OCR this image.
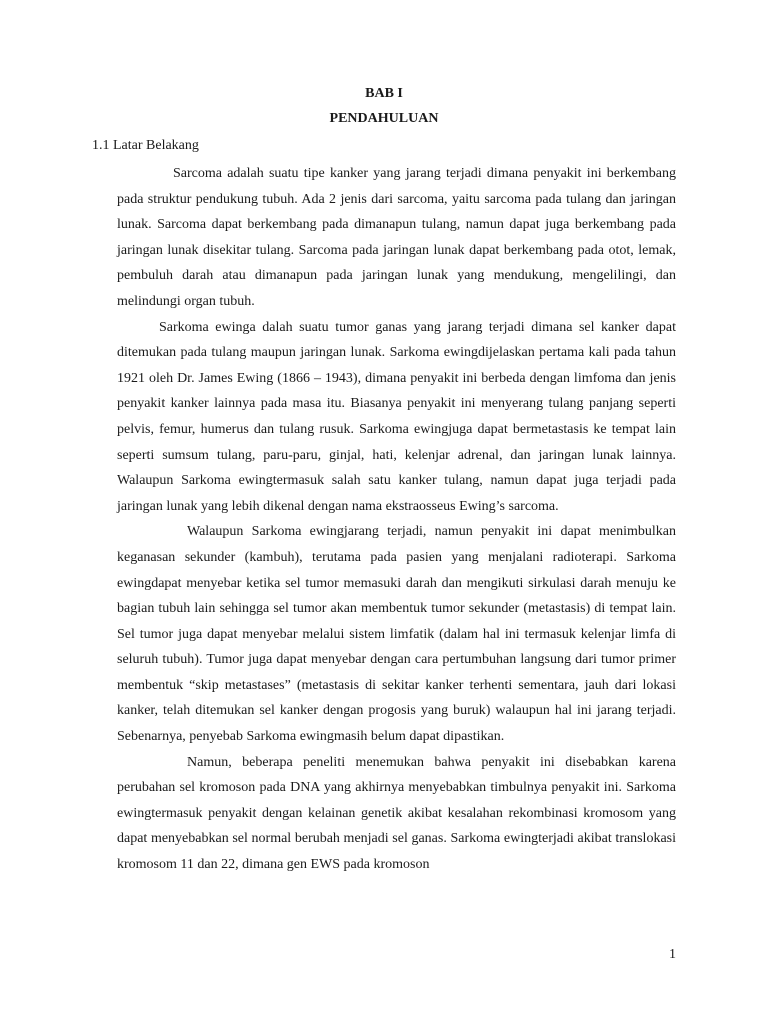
BAB I
PENDAHULUAN
1.1 Latar Belakang

Sarcoma adalah suatu tipe kanker yang jarang terjadi dimana penyakit ini berkembang pada struktur pendukung tubuh. Ada 2 jenis dari sarcoma, yaitu sarcoma pada tulang dan jaringan lunak. Sarcoma dapat berkembang pada dimanapun tulang, namun dapat juga berkembang pada jaringan lunak disekitar tulang. Sarcoma pada jaringan lunak dapat berkembang pada otot, lemak, pembuluh darah atau dimanapun pada jaringan lunak yang mendukung, mengelilingi, dan melindungi organ tubuh.

Sarkoma ewinga dalah suatu tumor ganas yang jarang terjadi dimana sel kanker dapat ditemukan pada tulang maupun jaringan lunak. Sarkoma ewingdijelaskan pertama kali pada tahun 1921 oleh Dr. James Ewing (1866 – 1943), dimana penyakit ini berbeda dengan limfoma dan jenis penyakit kanker lainnya pada masa itu. Biasanya penyakit ini menyerang tulang panjang seperti pelvis, femur, humerus dan tulang rusuk. Sarkoma ewingjuga dapat bermetastasis ke tempat lain seperti sumsum tulang, paru-paru, ginjal, hati, kelenjar adrenal, dan jaringan lunak lainnya. Walaupun Sarkoma ewingtermasuk salah satu kanker tulang, namun dapat juga terjadi pada jaringan lunak yang lebih dikenal dengan nama ekstraosseus Ewing’s sarcoma.

Walaupun Sarkoma ewingjarang terjadi, namun penyakit ini dapat menimbulkan keganasan sekunder (kambuh), terutama pada pasien yang menjalani radioterapi. Sarkoma ewingdapat menyebar ketika sel tumor memasuki darah dan mengikuti sirkulasi darah menuju ke bagian tubuh lain sehingga sel tumor akan membentuk tumor sekunder (metastasis) di tempat lain. Sel tumor juga dapat menyebar melalui sistem limfatik (dalam hal ini termasuk kelenjar limfa di seluruh tubuh). Tumor juga dapat menyebar dengan cara pertumbuhan langsung dari tumor primer membentuk “skip metastases” (metastasis di sekitar kanker terhenti sementara, jauh dari lokasi kanker, telah ditemukan sel kanker dengan progosis yang buruk) walaupun hal ini jarang terjadi. Sebenarnya, penyebab Sarkoma ewingmasih belum dapat dipastikan.

Namun, beberapa peneliti menemukan bahwa penyakit ini disebabkan karena perubahan sel kromoson pada DNA yang akhirnya menyebabkan timbulnya penyakit ini. Sarkoma ewingtermasuk penyakit dengan kelainan genetik akibat kesalahan rekombinasi kromosom yang dapat menyebabkan sel normal berubah menjadi sel ganas. Sarkoma ewingterjadi akibat translokasi kromosom 11 dan 22, dimana gen EWS pada kromoson

1
